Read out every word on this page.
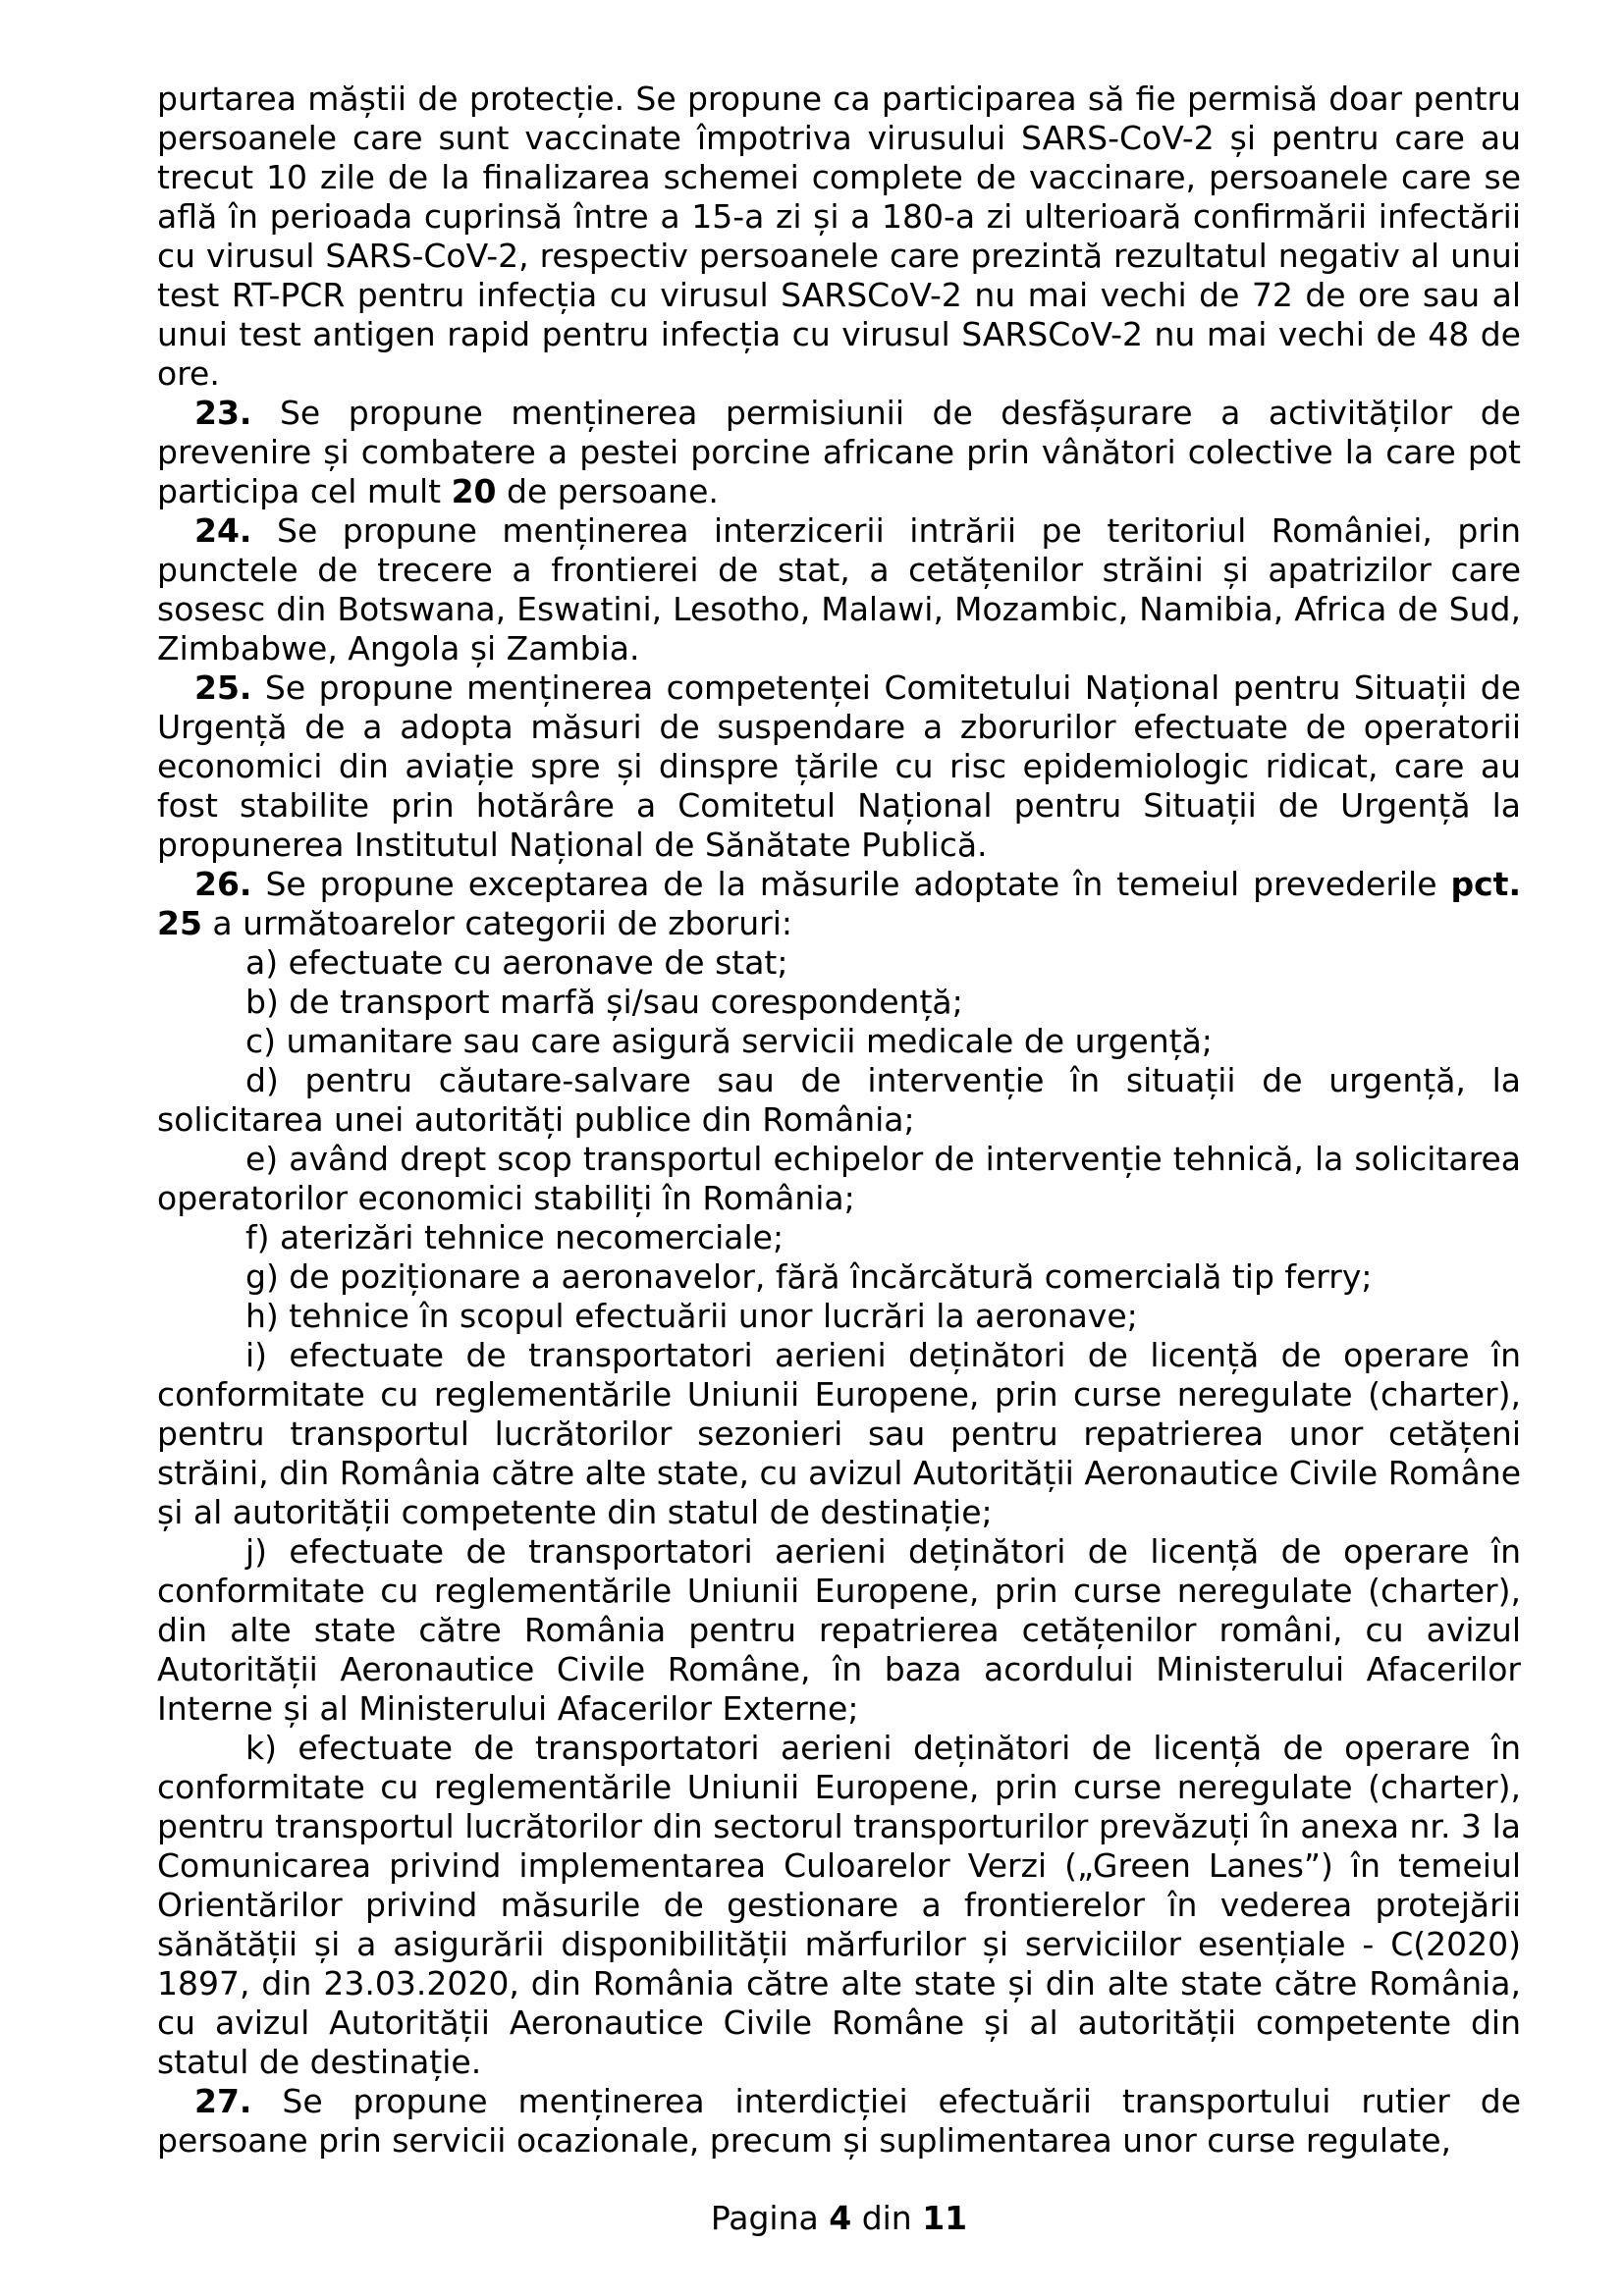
purtarea măștii de protecție. Se propune ca participarea să fie permisă doar pentru persoanele care sunt vaccinate împotriva virusului SARS-CoV-2 și pentru care au trecut 10 zile de la finalizarea schemei complete de vaccinare, persoanele care se află în perioada cuprinsă între a 15-a zi și a 180-a zi ulterioară confirmării infectării cu virusul SARS-CoV-2, respectiv persoanele care prezintă rezultatul negativ al unui test RT-PCR pentru infecția cu virusul SARSCoV-2 nu mai vechi de 72 de ore sau al unui test antigen rapid pentru infecția cu virusul SARSCoV-2 nu mai vechi de 48 de ore.

23. Se propune menținerea permisiunii de desfășurare a activităților de prevenire și combatere a pestei porcine africane prin vânători colective la care pot participa cel mult 20 de persoane.

24. Se propune menținerea interzicerii intrării pe teritoriul României, prin punctele de trecere a frontierei de stat, a cetățenilor străini și apatrizilor care sosesc din Botswana, Eswatini, Lesotho, Malawi, Mozambic, Namibia, Africa de Sud, Zimbabwe, Angola și Zambia.

25. Se propune menținerea competenței Comitetului Național pentru Situații de Urgență de a adopta măsuri de suspendare a zborurilor efectuate de operatorii economici din aviație spre și dinspre țările cu risc epidemiologic ridicat, care au fost stabilite prin hotărâre a Comitetul Național pentru Situații de Urgență la propunerea Institutul Național de Sănătate Publică.

26. Se propune exceptarea de la măsurile adoptate în temeiul prevederile pct. 25 a următoarelor categorii de zboruri:

a) efectuate cu aeronave de stat;

b) de transport marfă și/sau corespondență;

c) umanitare sau care asigură servicii medicale de urgență;

d) pentru căutare-salvare sau de intervenție în situații de urgență, la solicitarea unei autorități publice din România;

e) având drept scop transportul echipelor de intervenție tehnică, la solicitarea operatorilor economici stabiliți în România;

f) aterizări tehnice necomerciale;

g) de poziționare a aeronavelor, fără încărcătură comercială tip ferry;

h) tehnice în scopul efectuării unor lucrări la aeronave;

i) efectuate de transportatori aerieni deținători de licență de operare în conformitate cu reglementările Uniunii Europene, prin curse neregulate (charter), pentru transportul lucrătorilor sezonieri sau pentru repatrierea unor cetățeni străini, din România către alte state, cu avizul Autorității Aeronautice Civile Române și al autorității competente din statul de destinație;

j) efectuate de transportatori aerieni deținători de licență de operare în conformitate cu reglementările Uniunii Europene, prin curse neregulate (charter), din alte state către România pentru repatrierea cetățenilor români, cu avizul Autorității Aeronautice Civile Române, în baza acordului Ministerului Afacerilor Interne și al Ministerului Afacerilor Externe;

k) efectuate de transportatori aerieni deținători de licență de operare în conformitate cu reglementările Uniunii Europene, prin curse neregulate (charter), pentru transportul lucrătorilor din sectorul transporturilor prevăzuți în anexa nr. 3 la Comunicarea privind implementarea Culoarelor Verzi („Green Lanes”) în temeiul Orientărilor privind măsurile de gestionare a frontierelor în vederea protejării sănătății și a asigurării disponibilității mărfurilor și serviciilor esențiale - C(2020) 1897, din 23.03.2020, din România către alte state și din alte state către România, cu avizul Autorității Aeronautice Civile Române și al autorității competente din statul de destinație.

27. Se propune menținerea interdicției efectuării transportului rutier de persoane prin servicii ocazionale, precum și suplimentarea unor curse regulate,

Pagina 4 din 11
